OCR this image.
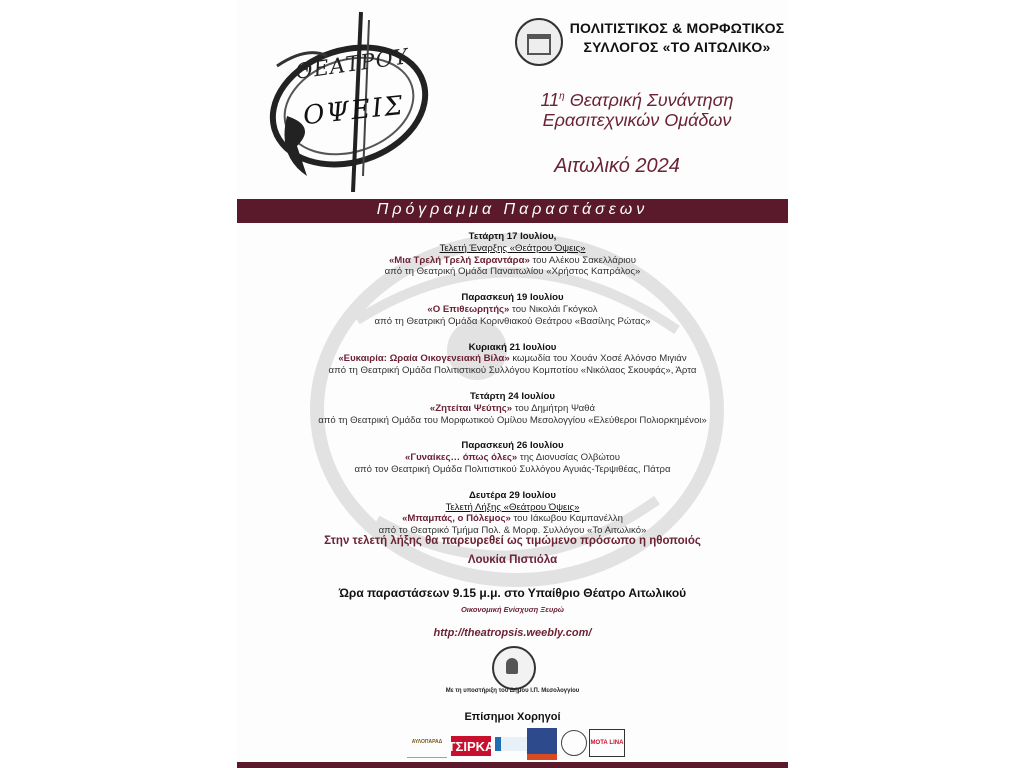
ΘΕΑΤΡΟΥ
ΟΨΕΙΣ
ΠΟΛΙΤΙΣΤΙΚΟΣ & ΜΟΡΦΩΤΙΚΟΣ
ΣΥΛΛΟΓΟΣ «ΤΟ ΑΙΤΩΛΙΚΟ»
$11^\eta$ Θεατρική Συνάντηση
Ερασιτεχνικών Ομάδων
Αιτωλικό 2024
Πρόγραμμα Παραστάσεων
Τετάρτη 17 Ιουλίου,
Τελετή Έναρξης «Θεάτρου Όψεις»
«Μια Τρελή Τρελή Σαραντάρα» του Αλέκου Σακελλάριου
από τη Θεατρική Ομάδα Παναιτωλίου «Χρήστος Καπράλος»
Παρασκευή 19 Ιουλίου
«Ο Επιθεωρητής» του Νικολάι Γκόγκολ
από τη Θεατρική Ομάδα Κορινθιακού Θεάτρου «Βασίλης Ρώτας»
Κυριακή 21 Ιουλίου
«Ευκαιρία: Ωραία Οικογενειακή Βίλα» κωμωδία του Χουάν Χοσέ Αλόνσο Μιγιάν
από τη Θεατρική Ομάδα Πολιτιστικού Συλλόγου Κομποτίου «Νικόλαος Σκουφάς», Άρτα
Τετάρτη 24 Ιουλίου
«Ζητείται Ψεύτης» του Δημήτρη Ψαθά
από τη Θεατρική Ομάδα του Μορφωτικού Ομίλου Μεσολογγίου «Ελεύθεροι Πολιορκημένοι»
Παρασκευή 26 Ιουλίου
«Γυναίκες… όπως όλες» της Διονυσίας Ολβώτου
από τον Θεατρική Ομάδα Πολιτιστικού Συλλόγου Αγυιάς-Τερψιθέας, Πάτρα
Δευτέρα 29 Ιουλίου
Τελετή Λήξης «Θεάτρου Όψεις»
«Μπαμπάς, ο Πόλεμος» του Ιάκωβου Καμπανέλλη
από το Θεατρικό Τμήμα Πολ. & Μορφ. Συλλόγου «Το Αιτωλικό»
Στην τελετή λήξης θα παρευρεθεί ως τιμώμενο πρόσωπο η ηθοποιός
Λουκία Πιστιόλα
Ώρα παραστάσεων 9.15 μ.μ. στο Υπαίθριο Θέατρο Αιτωλικού
Οικονομική Ενίσχυση Ξευρώ
http://theatropsis.weebly.com/
Με τη υποστήριξη του Δήμου Ι.Π. Μεσολογγίου
Επίσημοι Χορηγοί
ΑΥΛΟΠΑΡΑΔ ΤΣΙΡΚΑ	ΜΟΤΑ LINA
